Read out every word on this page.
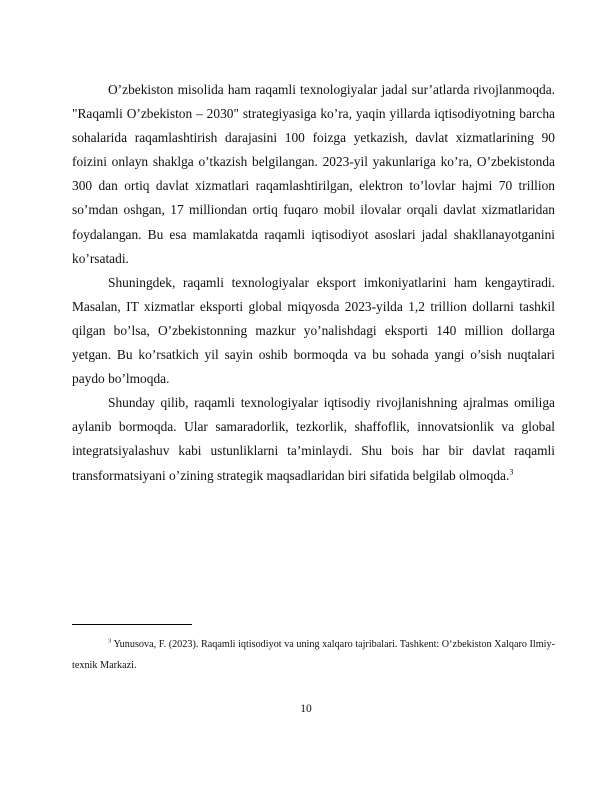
O’zbekiston misolida ham raqamli texnologiyalar jadal sur’atlarda rivojlanmoqda. "Raqamli O’zbekiston – 2030" strategiyasiga ko’ra, yaqin yillarda iqtisodiyotning barcha sohalarida raqamlashtirish darajasini 100 foizga yetkazish, davlat xizmatlarining 90 foizini onlayn shaklga o’tkazish belgilangan. 2023-yil yakunlariga ko’ra, O’zbekistonda 300 dan ortiq davlat xizmatlari raqamlashtirilgan, elektron to’lovlar hajmi 70 trillion so’mdan oshgan, 17 milliondan ortiq fuqaro mobil ilovalar orqali davlat xizmatlaridan foydalangan. Bu esa mamlakatda raqamli iqtisodiyot asoslari jadal shakllanayotganini ko’rsatadi.

Shuningdek, raqamli texnologiyalar eksport imkoniyatlarini ham kengaytiradi. Masalan, IT xizmatlar eksporti global miqyosda 2023-yilda 1,2 trillion dollarni tashkil qilgan bo’lsa, O’zbekistonning mazkur yo’nalishdagi eksporti 140 million dollarga yetgan. Bu ko’rsatkich yil sayin oshib bormoqda va bu sohada yangi o’sish nuqtalari paydo bo’lmoqda.

Shunday qilib, raqamli texnologiyalar iqtisodiy rivojlanishning ajralmas omiliga aylanib bormoqda. Ular samaradorlik, tezkorlik, shaffoflik, innovatsionlik va global integratsiyalashuv kabi ustunliklarni ta’minlaydi. Shu bois har bir davlat raqamli transformatsiyani o’zining strategik maqsadlaridan biri sifatida belgilab olmoqda.$^3$

$^3$ Yunusova, F. (2023). Raqamli iqtisodiyot va uning xalqaro tajribalari. Tashkent: O‘zbekiston Xalqaro Ilmiy-texnik Markazi.

10
